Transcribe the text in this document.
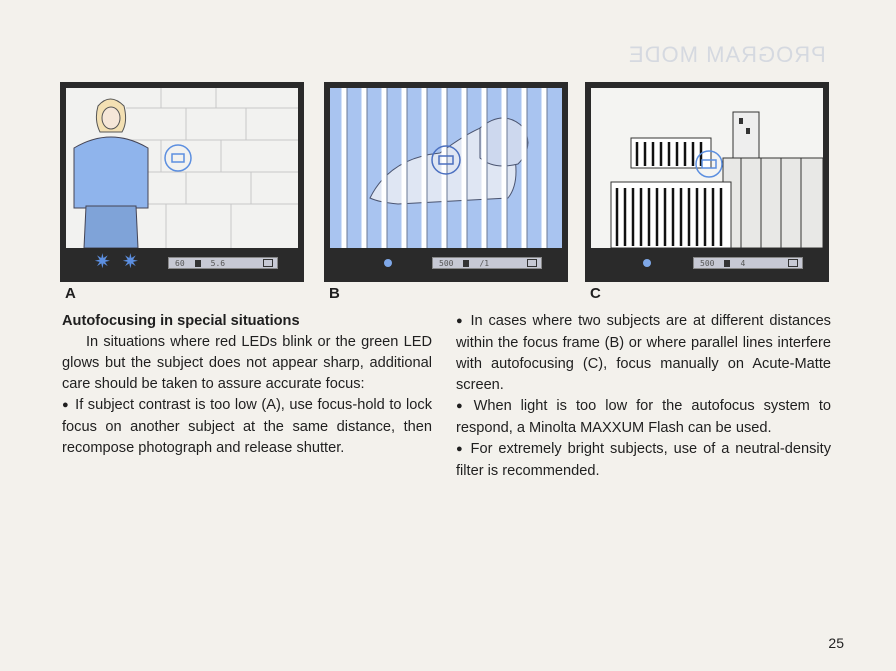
PROGRAM MODE
✷ ✷	60	5.6
A
500	/1
B
500	4
C

Autofocusing in special situations

In situations where red LEDs blink or the green LED glows but the subject does not appear sharp, additional care should be taken to assure accurate focus:

● If subject contrast is too low (A), use focus-hold to lock focus on another subject at the same distance, then recompose photograph and release shutter.

● In cases where two subjects are at different distances within the focus frame (B) or where parallel lines interfere with autofocusing (C), focus manually on Acute-Matte screen.

● When light is too low for the autofocus system to respond, a Minolta MAXXUM Flash can be used.

● For extremely bright subjects, use of a neutral-density filter is recommended.

25
